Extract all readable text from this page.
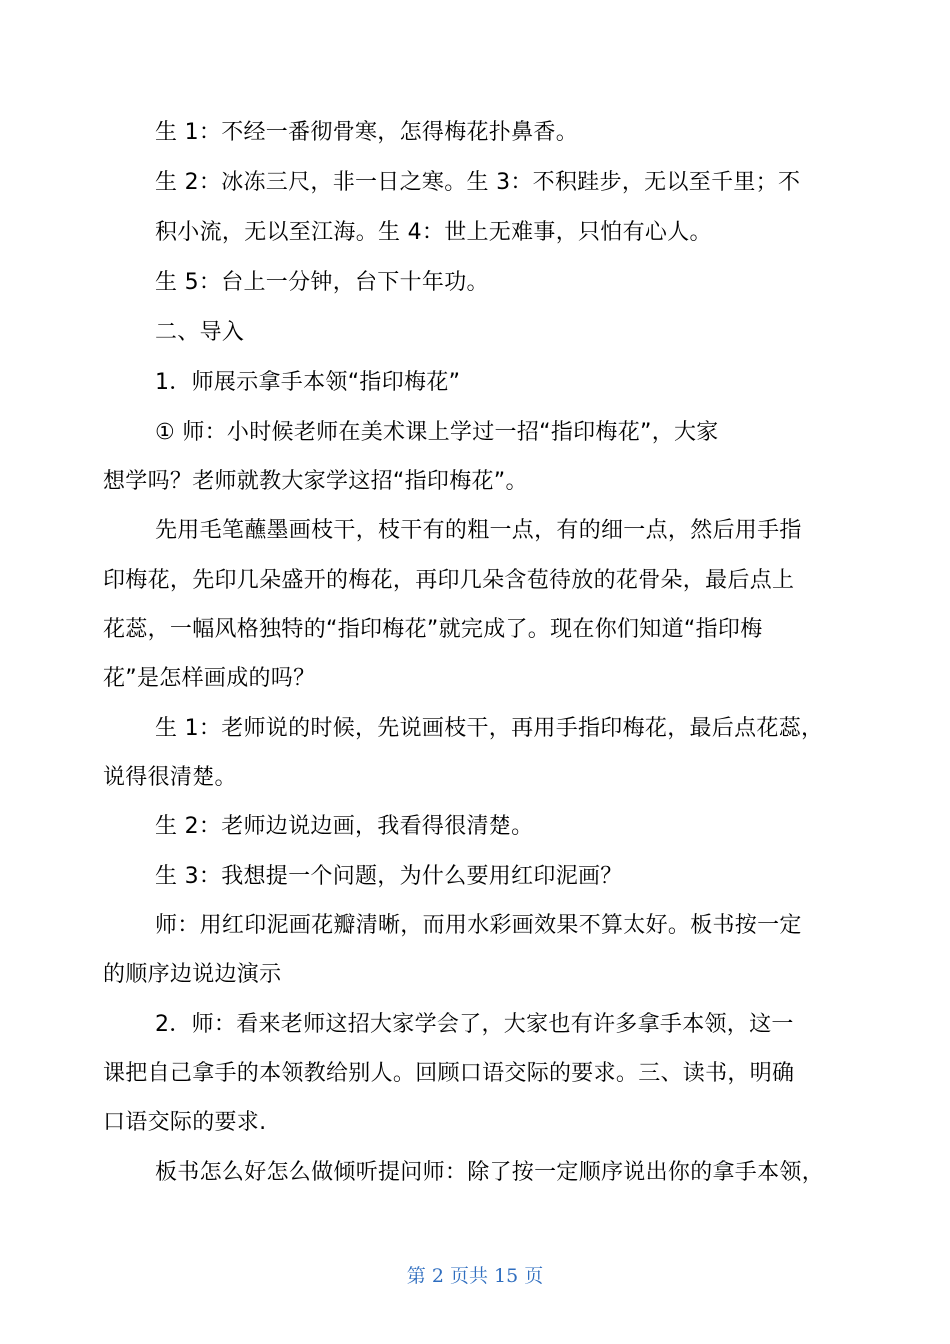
生 1：不经一番彻骨寒，怎得梅花扑鼻香。
生 2：冰冻三尺，非一日之寒。生 3：不积跬步，无以至千里；不
积小流，无以至江海。生 4：世上无难事，只怕有心人。
生 5：台上一分钟，台下十年功。
二、导入
1．师展示拿手本领“指印梅花”
① 师：小时候老师在美术课上学过一招“指印梅花”，大家
想学吗？老师就教大家学这招“指印梅花”。
先用毛笔蘸墨画枝干，枝干有的粗一点，有的细一点，然后用手指
印梅花，先印几朵盛开的梅花，再印几朵含苞待放的花骨朵，最后点上
花蕊，一幅风格独特的“指印梅花”就完成了。现在你们知道“指印梅
花”是怎样画成的吗？
生 1：老师说的时候，先说画枝干，再用手指印梅花，最后点花蕊，
说得很清楚。
生 2：老师边说边画，我看得很清楚。
生 3：我想提一个问题，为什么要用红印泥画？
师：用红印泥画花瓣清晰，而用水彩画效果不算太好。板书按一定
的顺序边说边演示
2．师：看来老师这招大家学会了，大家也有许多拿手本领，这一
课把自己拿手的本领教给别人。回顾口语交际的要求。三、读书，明确
口语交际的要求.
板书怎么好怎么做倾听提问师：除了按一定顺序说出你的拿手本领，
第 2 页共 15 页
